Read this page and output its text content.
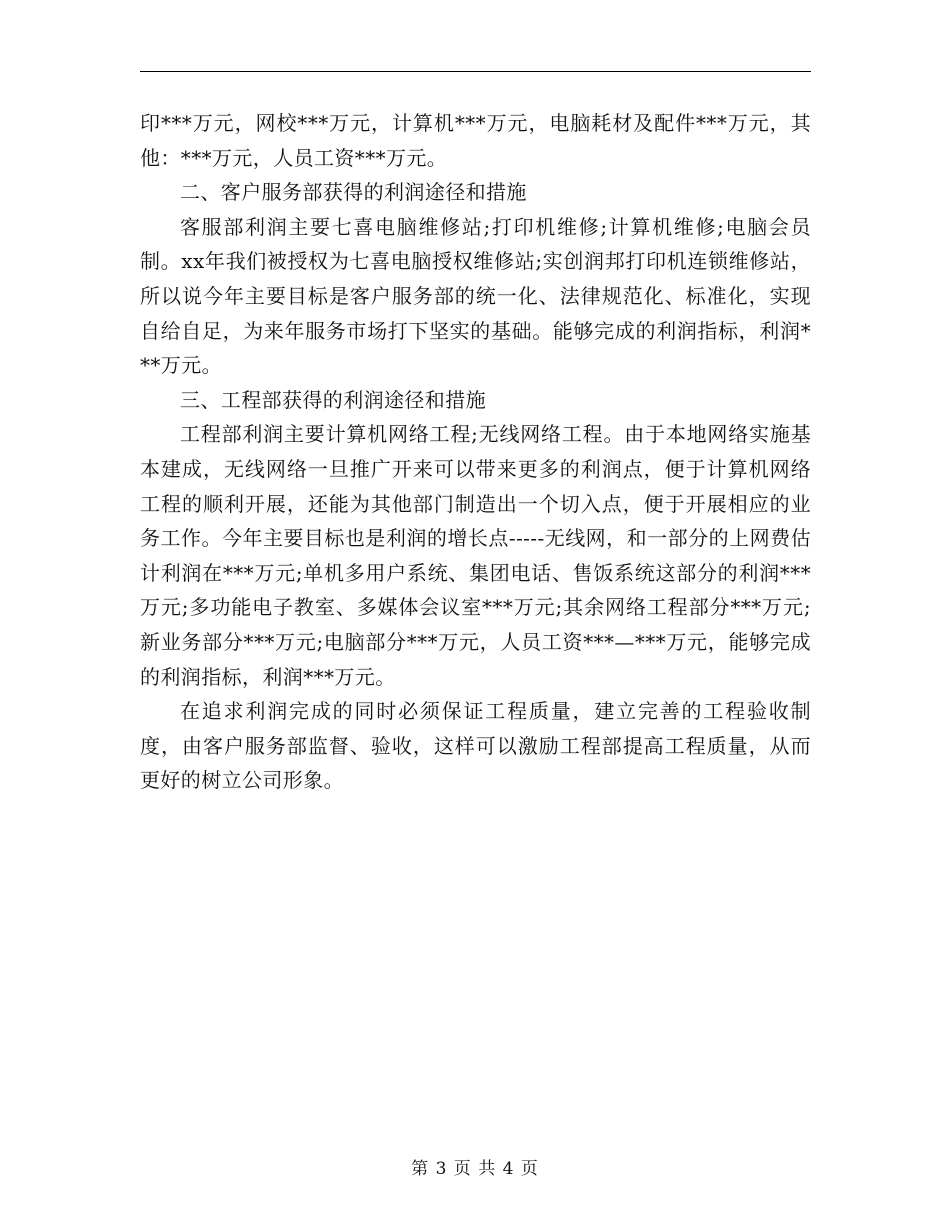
印***万元，网校***万元，计算机***万元，电脑耗材及配件***万元，其他：***万元，人员工资***万元。

二、客户服务部获得的利润途径和措施

客服部利润主要七喜电脑维修站;打印机维修;计算机维修;电脑会员制。xx年我们被授权为七喜电脑授权维修站;实创润邦打印机连锁维修站，所以说今年主要目标是客户服务部的统一化、法律规范化、标准化，实现自给自足，为来年服务市场打下坚实的基础。能够完成的利润指标，利润***万元。

三、工程部获得的利润途径和措施

工程部利润主要计算机网络工程;无线网络工程。由于本地网络实施基本建成，无线网络一旦推广开来可以带来更多的利润点，便于计算机网络工程的顺利开展，还能为其他部门制造出一个切入点，便于开展相应的业务工作。今年主要目标也是利润的增长点-----无线网，和一部分的上网费估计利润在***万元;单机多用户系统、集团电话、售饭系统这部分的利润***万元;多功能电子教室、多媒体会议室***万元;其余网络工程部分***万元;新业务部分***万元;电脑部分***万元，人员工资***—***万元，能够完成的利润指标，利润***万元。

在追求利润完成的同时必须保证工程质量，建立完善的工程验收制度，由客户服务部监督、验收，这样可以激励工程部提高工程质量，从而更好的树立公司形象。

第 3 页 共 4 页
